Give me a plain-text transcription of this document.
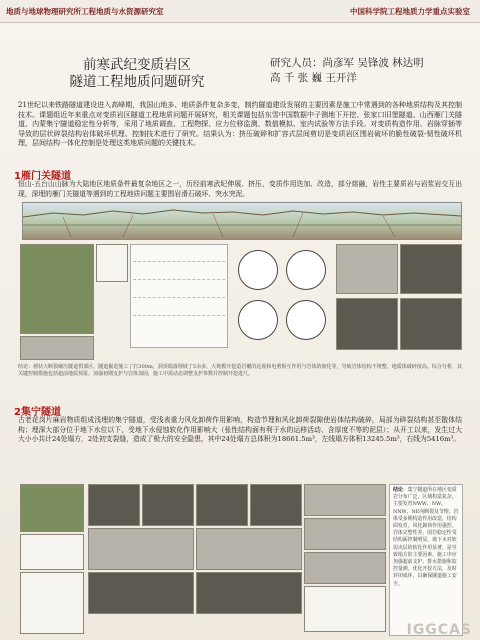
地质与地球物理研究所工程地质与水资源研究室	中国科学院工程地质力学重点实验室
前寒武纪变质岩区
隧道工程地质问题研究
研究人员：尚彦军 吴锋波 林达明
高 千 张 巍 王开洋
21世纪以来铁路隧道建设进入高峰期，我国山地多、地质条件复杂多变，制约隧道建设发展的主要因素是施工中常遇到的各种地质结构及其控制技术。课题组近年来重点对变质岩区隧道工程地质问题开展研究，相关课题包括东雪中国数据中子测地下开挖、张家口旧堡隧道、山西雁门关隧道、内蒙集宁隧道稳定性分析等，采用了地质调查、工程物探、应力位移监测、数值模拟、室内试验等方法手段。对变质构造作用、岩脉穿插等导致的层状碎裂结构岩体破坏机理、控制技术进行了研究。结果认为：挤压破碎和扩容式层间剪切是变质岩区围岩破坏的脆性破裂-韧性破坏机理，层间结构一体化控制是处理这类地质问题的关键技术。
1雁门关隧道
恒山-五台山山脉为大陆地区地质条件最复杂地区之一，历经前寒武纪伸展、挤压，变质作用迭加、改造，部分熔融，岩性主要质岩与岩浆岩交互出现，深埋的雁门关隧道等遇到的工程地质问题主要围岩滑石破坏、突水突泥。
结论：褶状大断裂碾压隧道拱部区、隧道掘进施工了打300m，洞顶塌落埋坡了5余多，大规模开挖造岩覆的这视和电剪相互作用与岩体的韧化等，导致岩体结构不规整，地质体破碎度高。综合分析，其关键控制措施包括超前地质预报、加强初期支护与岩体加固，施工中需动态调整支护参数并控制开挖进尺。
2集宁隧道
古老花岗片麻岩物质组成浅埋的集宁隧道，受浅表重力风化卸荷作用影响，构造节理和风化卸荷裂隙使岩体结构破碎，局部为碎裂结构甚至散体结构；埋深大部分位于地下水位以下，受地下水侵蚀软化作用影响大（张性结构面有利于水的运移活动、含厚度不等的泥层）；从开工以来，发生过大大小小共计24处塌方，2处初支裂缝，造成了极大的安全隐患，其中24处塌方总体积为18661.5m³，左线塌方体积13245.5m³，右线为5416m³。
结论：集宁隧道所在地区变质岩分布广泛，区域构造复杂，主要发育NWW、NW、NNW、NE向断裂及节理，岩体受多期构造作用改造，结构面发育，风化卸荷作用强烈。岩体完整性差，围岩稳定性受结构面控制明显，地下水对软弱夹层的软化作用显著，是导致塌方的主要因素。施工中应加强超前支护、排水措施和监控量测，优化开挖方法，及时封闭成环，以确保隧道施工安全。
IGGCAS
